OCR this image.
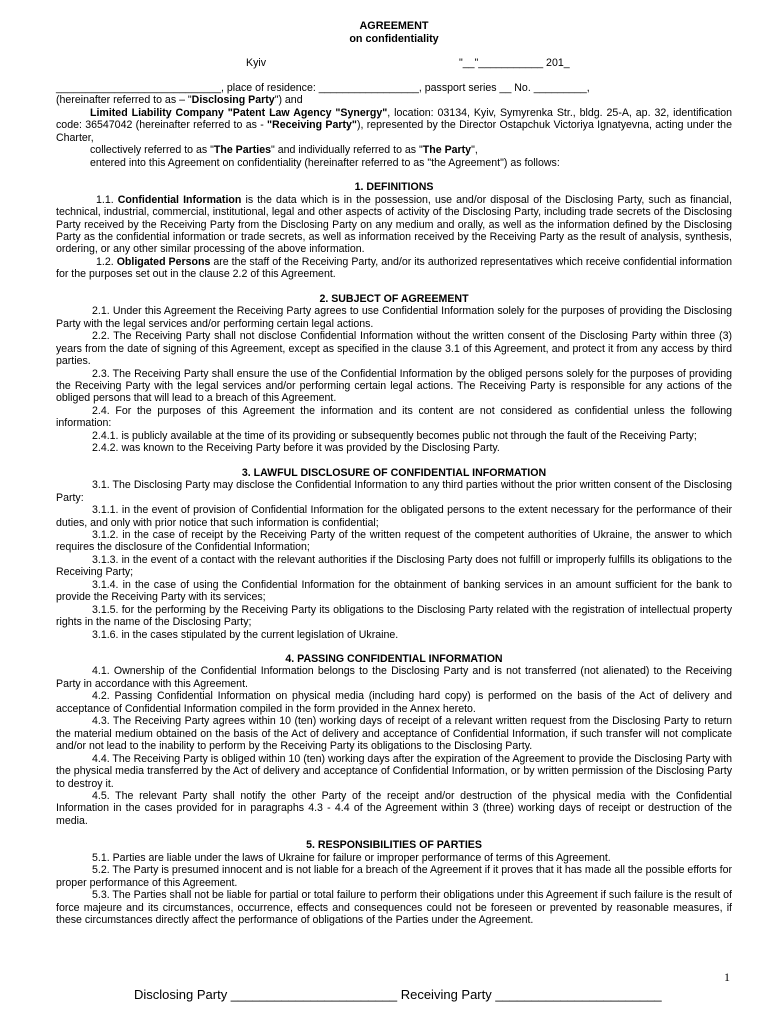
AGREEMENT
on confidentiality
Kyiv	"__"___________ 201_

____________________________, place of residence: _________________, passport series __ No. _________,

(hereinafter referred to as – "Disclosing Party") and

Limited Liability Company "Patent Law Agency "Synergy", location: 03134, Kyiv, Symyrenka Str., bldg. 25-A, ap. 32, identification code: 36547042 (hereinafter referred to as - "Receiving Party"), represented by the Director Ostapchuk Victoriya Ignatyevna, acting under the Charter,

collectively referred to as "The Parties" and individually referred to as "The Party",

entered into this Agreement on confidentiality (hereinafter referred to as "the Agreement") as follows:

1. DEFINITIONS

1.1. Confidential Information is the data which is in the possession, use and/or disposal of the Disclosing Party, such as financial, technical, industrial, commercial, institutional, legal and other aspects of activity of the Disclosing Party, including trade secrets of the Disclosing Party received by the Receiving Party from the Disclosing Party on any medium and orally, as well as the information defined by the Disclosing Party as the confidential information or trade secrets, as well as information received by the Receiving Party as the result of analysis, synthesis, ordering, or any other similar processing of the above information.

1.2. Obligated Persons are the staff of the Receiving Party, and/or its authorized representatives which receive confidential information for the purposes set out in the clause 2.2 of this Agreement.

2. SUBJECT OF AGREEMENT

2.1. Under this Agreement the Receiving Party agrees to use Confidential Information solely for the purposes of providing the Disclosing Party with the legal services and/or performing certain legal actions.

2.2. The Receiving Party shall not disclose Confidential Information without the written consent of the Disclosing Party within three (3) years from the date of signing of this Agreement, except as specified in the clause 3.1 of this Agreement, and protect it from any access by third parties.

2.3. The Receiving Party shall ensure the use of the Confidential Information by the obliged persons solely for the purposes of providing the Receiving Party with the legal services and/or performing certain legal actions. The Receiving Party is responsible for any actions of the obliged persons that will lead to a breach of this Agreement.

2.4. For the purposes of this Agreement the information and its content are not considered as confidential unless the following information:

2.4.1. is publicly available at the time of its providing or subsequently becomes public not through the fault of the Receiving Party;

2.4.2. was known to the Receiving Party before it was provided by the Disclosing Party.

3. LAWFUL DISCLOSURE OF CONFIDENTIAL INFORMATION

3.1. The Disclosing Party may disclose the Confidential Information to any third parties without the prior written consent of the Disclosing Party:

3.1.1. in the event of provision of Confidential Information for the obligated persons to the extent necessary for the performance of their duties, and only with prior notice that such information is confidential;

3.1.2. in the case of receipt by the Receiving Party of the written request of the competent authorities of Ukraine, the answer to which requires the disclosure of the Confidential Information;

3.1.3. in the event of a contact with the relevant authorities if the Disclosing Party does not fulfill or improperly fulfills its obligations to the Receiving Party;

3.1.4. in the case of using the Confidential Information for the obtainment of banking services in an amount sufficient for the bank to provide the Receiving Party with its services;

3.1.5. for the performing by the Receiving Party its obligations to the Disclosing Party related with the registration of intellectual property rights in the name of the Disclosing Party;

3.1.6. in the cases stipulated by the current legislation of Ukraine.

4. PASSING CONFIDENTIAL INFORMATION

4.1. Ownership of the Confidential Information belongs to the Disclosing Party and is not transferred (not alienated) to the Receiving Party in accordance with this Agreement.

4.2. Passing Confidential Information on physical media (including hard copy) is performed on the basis of the Act of delivery and acceptance of Confidential Information compiled in the form provided in the Annex hereto.

4.3. The Receiving Party agrees within 10 (ten) working days of receipt of a relevant written request from the Disclosing Party to return the material medium obtained on the basis of the Act of delivery and acceptance of Confidential Information, if such transfer will not complicate and/or not lead to the inability to perform by the Receiving Party its obligations to the Disclosing Party.

4.4. The Receiving Party is obliged within 10 (ten) working days after the expiration of the Agreement to provide the Disclosing Party with the physical media transferred by the Act of delivery and acceptance of Confidential Information, or by written permission of the Disclosing Party to destroy it.

4.5. The relevant Party shall notify the other Party of the receipt and/or destruction of the physical media with the Confidential Information in the cases provided for in paragraphs 4.3 - 4.4 of the Agreement within 3 (three) working days of receipt or destruction of the media.

5. RESPONSIBILITIES OF PARTIES

5.1. Parties are liable under the laws of Ukraine for failure or improper performance of terms of this Agreement.

5.2. The Party is presumed innocent and is not liable for a breach of the Agreement if it proves that it has made all the possible efforts for proper performance of this Agreement.

5.3. The Parties shall not be liable for partial or total failure to perform their obligations under this Agreement if such failure is the result of force majeure and its circumstances, occurrence, effects and consequences could not be foreseen or prevented by reasonable measures, if these circumstances directly affect the performance of obligations of the Parties under the Agreement.

1
Disclosing Party _______________________ Receiving Party _______________________
